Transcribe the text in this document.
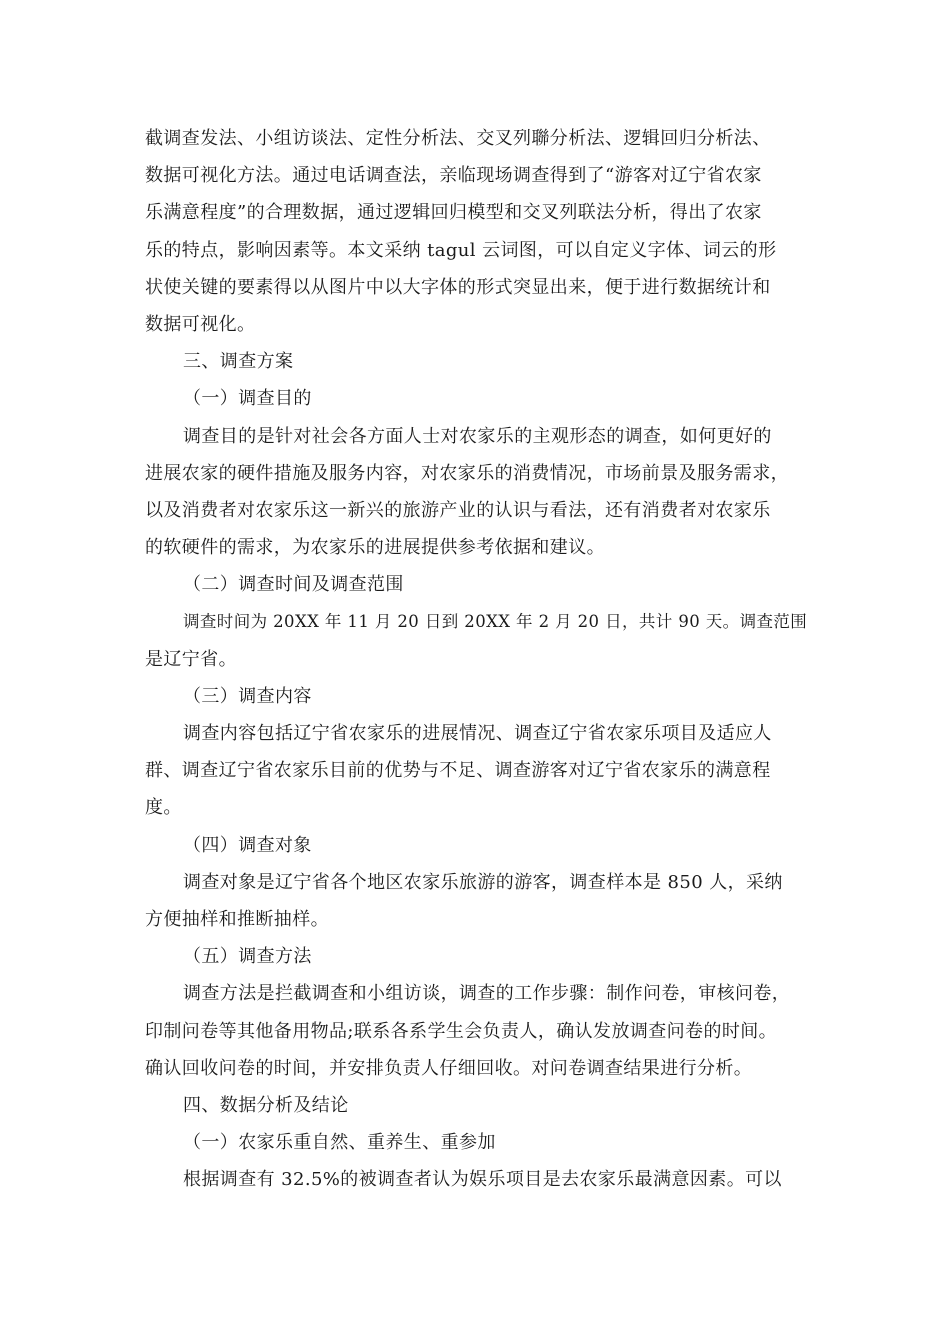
截调查发法、小组访谈法、定性分析法、交叉列聯分析法、逻辑回归分析法、
数据可视化方法。通过电话调查法，亲临现场调查得到了“游客对辽宁省农家
乐满意程度”的合理数据，通过逻辑回归模型和交叉列联法分析，得出了农家
乐的特点，影响因素等。本文采纳 tagul 云词图，可以自定义字体、词云的形
状使关键的要素得以从图片中以大字体的形式突显出来，便于进行数据统计和
数据可视化。
三、调查方案
（一）调查目的
调查目的是针对社会各方面人士对农家乐的主观形态的调查，如何更好的
进展农家的硬件措施及服务内容，对农家乐的消费情况，市场前景及服务需求，
以及消费者对农家乐这一新兴的旅游产业的认识与看法，还有消费者对农家乐
的软硬件的需求，为农家乐的进展提供参考依据和建议。
（二）调查时间及调查范围
调查时间为 20XX 年 11 月 20 日到 20XX 年 2 月 20 日，共计 90 天。调查范围
是辽宁省。
（三）调查内容
调查内容包括辽宁省农家乐的进展情况、调查辽宁省农家乐项目及适应人
群、调查辽宁省农家乐目前的优势与不足、调查游客对辽宁省农家乐的满意程
度。
（四）调查对象
调查对象是辽宁省各个地区农家乐旅游的游客，调查样本是 850 人，采纳
方便抽样和推断抽样。
（五）调查方法
调查方法是拦截调查和小组访谈，调查的工作步骤：制作问卷，审核问卷，
印制问卷等其他备用物品;联系各系学生会负责人，确认发放调查问卷的时间。
确认回收问卷的时间，并安排负责人仔细回收。对问卷调查结果进行分析。
四、数据分析及结论
（一）农家乐重自然、重养生、重参加
根据调查有 32.5%的被调查者认为娱乐项目是去农家乐最满意因素。可以
